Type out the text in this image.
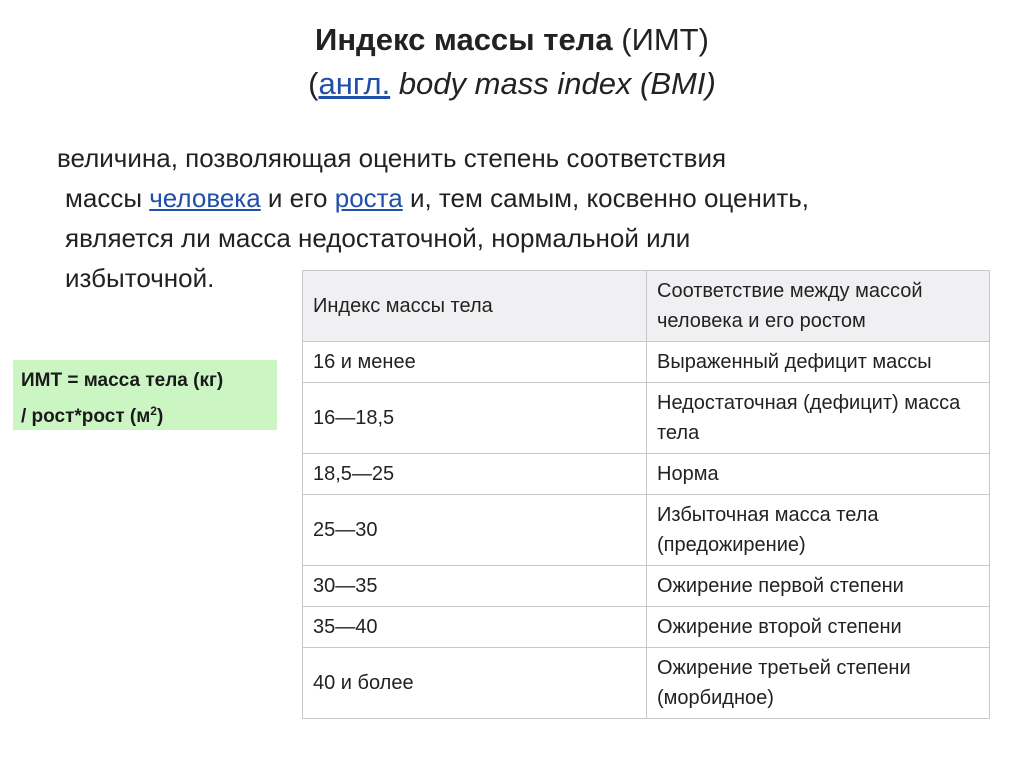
Индекс массы тела (ИМТ)
(англ. body mass index (BMI)
величина, позволяющая оценить степень соответствия
массы человека и его роста и, тем самым, косвенно оценить,
является ли масса недостаточной, нормальной или
избыточной.
ИМТ = масса тела (кг)
/ рост*рост $(м^2)$
Индекс массы тела	Соответствие между массой человека и его ростом
16 и менее	Выраженный дефицит массы
16—18,5	Недостаточная (дефицит) масса тела
18,5—25	Норма
25—30	Избыточная масса тела (предожирение)
30—35	Ожирение первой степени
35—40	Ожирение второй степени
40 и более	Ожирение третьей степени (морбидное)
